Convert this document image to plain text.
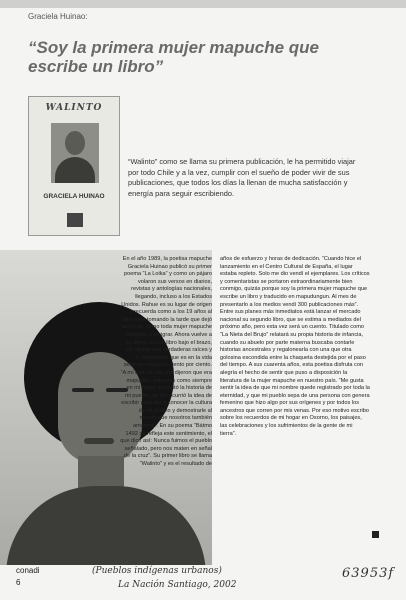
Graciela Huinao:
“Soy la primera mujer mapuche que escribe un libro”
WALINTO
GRACIELA HUINAO

“Walinto” como se llama su primera publicación, le ha permitido viajar por todo Chile y a la vez, cumplir con el sueño de poder vivir de sus publicaciones, que todos los días la llenan de mucha satisfacción y energía para seguir escribiendo.

En el año 1989, la poetisa mapuche Graciela Huinao publicó su primer poema “La Loika” y como un pájaro volaron sus versos en diarios, revistas y antologías nacionales, llegando, incluso a los Estados Unidos. Rahue es su lugar de origen y recuerda como a los 19 años al atravesar tomando la tarde que dejó su hogar, como toda mujer mapuche obligada a emigrar. Ahora vuelve a su tierra con un libro bajo el brazo, sin olvidar sus verdaderas raíces y lo importante que es en la vida sentirse mapuche ciento por ciento. “A mí todo la vida me dijeron que era mapuche, entonces como siempre en mi hogar se contó la historia de mi pueblo, se me ocurrió la idea de escribir para dar a conocer la cultura de mi pueblo y demostrarle al mundo que nosotros también amamos”. En su poema “Bátmo 1492 se refleja este sentimiento, el que dice así: Nunca fuimos el pueblo señalado, pero nos maten en señal de la cruz”. Su primer libro se llama “Walinto” y es el resultado de

años de esfuerzo y horas de dedicación. “Cuando hice el lanzamiento en el Centro Cultural de España, el lugar estaba repleto. Solo me dio vendí el ejemplares. Los críticos y comentaristas se portaron extraordinariamente bien conmigo, quizás porque soy la primera mujer mapuche que escribe un libro y traducido en mapudungun. Al mes de presentarlo a los medios vendí 300 publicaciones más”. Entre sus planes más inmediatos está lanzar el mercado nacional su segundo libro, que se estima a mediados del próximo año, pero esta vez será un cuento. Titulado como “La Nieta del Brujo” relatará su propia historia de infancia, cuando su abuelo por parte materna buscaba contarle historias ancestrales y regalonearla con una que otra golosina escondida entre la chaqueta destejida por el paso del tiempo. A sus cuarenta años, esta poetisa disfruta con alegría el hecho de sentir que puso a disposición la literatura de la mujer mapuche en nuestro país. “Me gusta sentir la idea de que mi nombre quede registrado por toda la eternidad, y que mi pueblo sepa de una persona con genera femenino que hizo algo por sus orígenes y por todos los ancestros que corren por mis venas. Por eso motivo escribo sobre los recuerdos de mi hogar en Osorno, los paisajes, las celebraciones y los sufrimientos de la gente de mi tierra”.

conadi
6
(Pueblos indígenas urbanos)
La Nación Santiago, 2002
63953f
